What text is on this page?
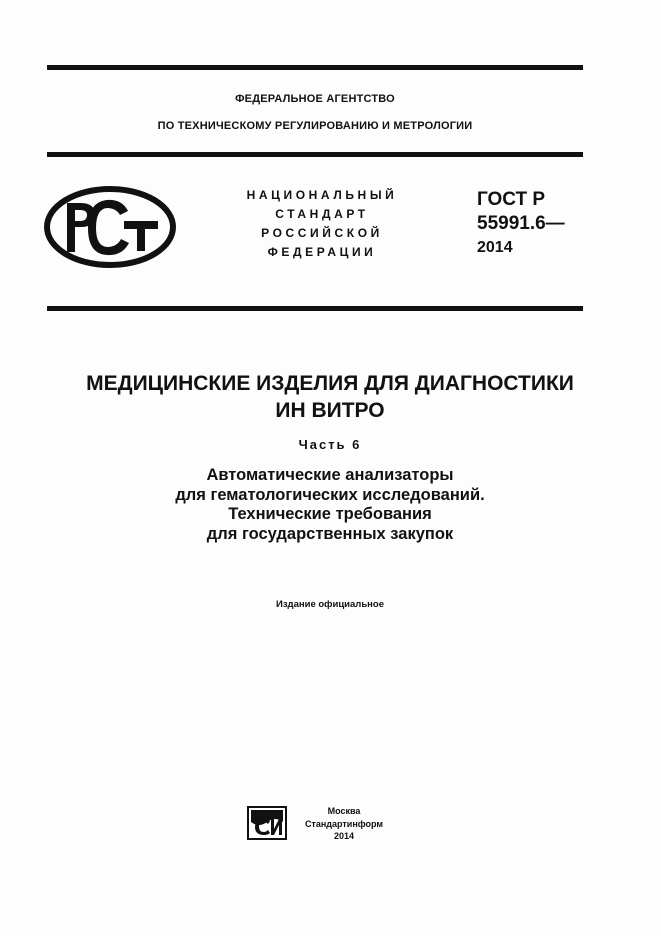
ФЕДЕРАЛЬНОЕ АГЕНТСТВО
ПО ТЕХНИЧЕСКОМУ РЕГУЛИРОВАНИЮ И МЕТРОЛОГИИ
НАЦИОНАЛЬНЫЙ
СТАНДАРТ
РОССИЙСКОЙ
ФЕДЕРАЦИИ
ГОСТ Р
55991.6—
2014
МЕДИЦИНСКИЕ ИЗДЕЛИЯ ДЛЯ ДИАГНОСТИКИ
ИН ВИТРО
Часть 6
Автоматические анализаторы
для гематологических исследований.
Технические требования
для государственных закупок
Издание официальное
Москва
Стандартинформ
2014
